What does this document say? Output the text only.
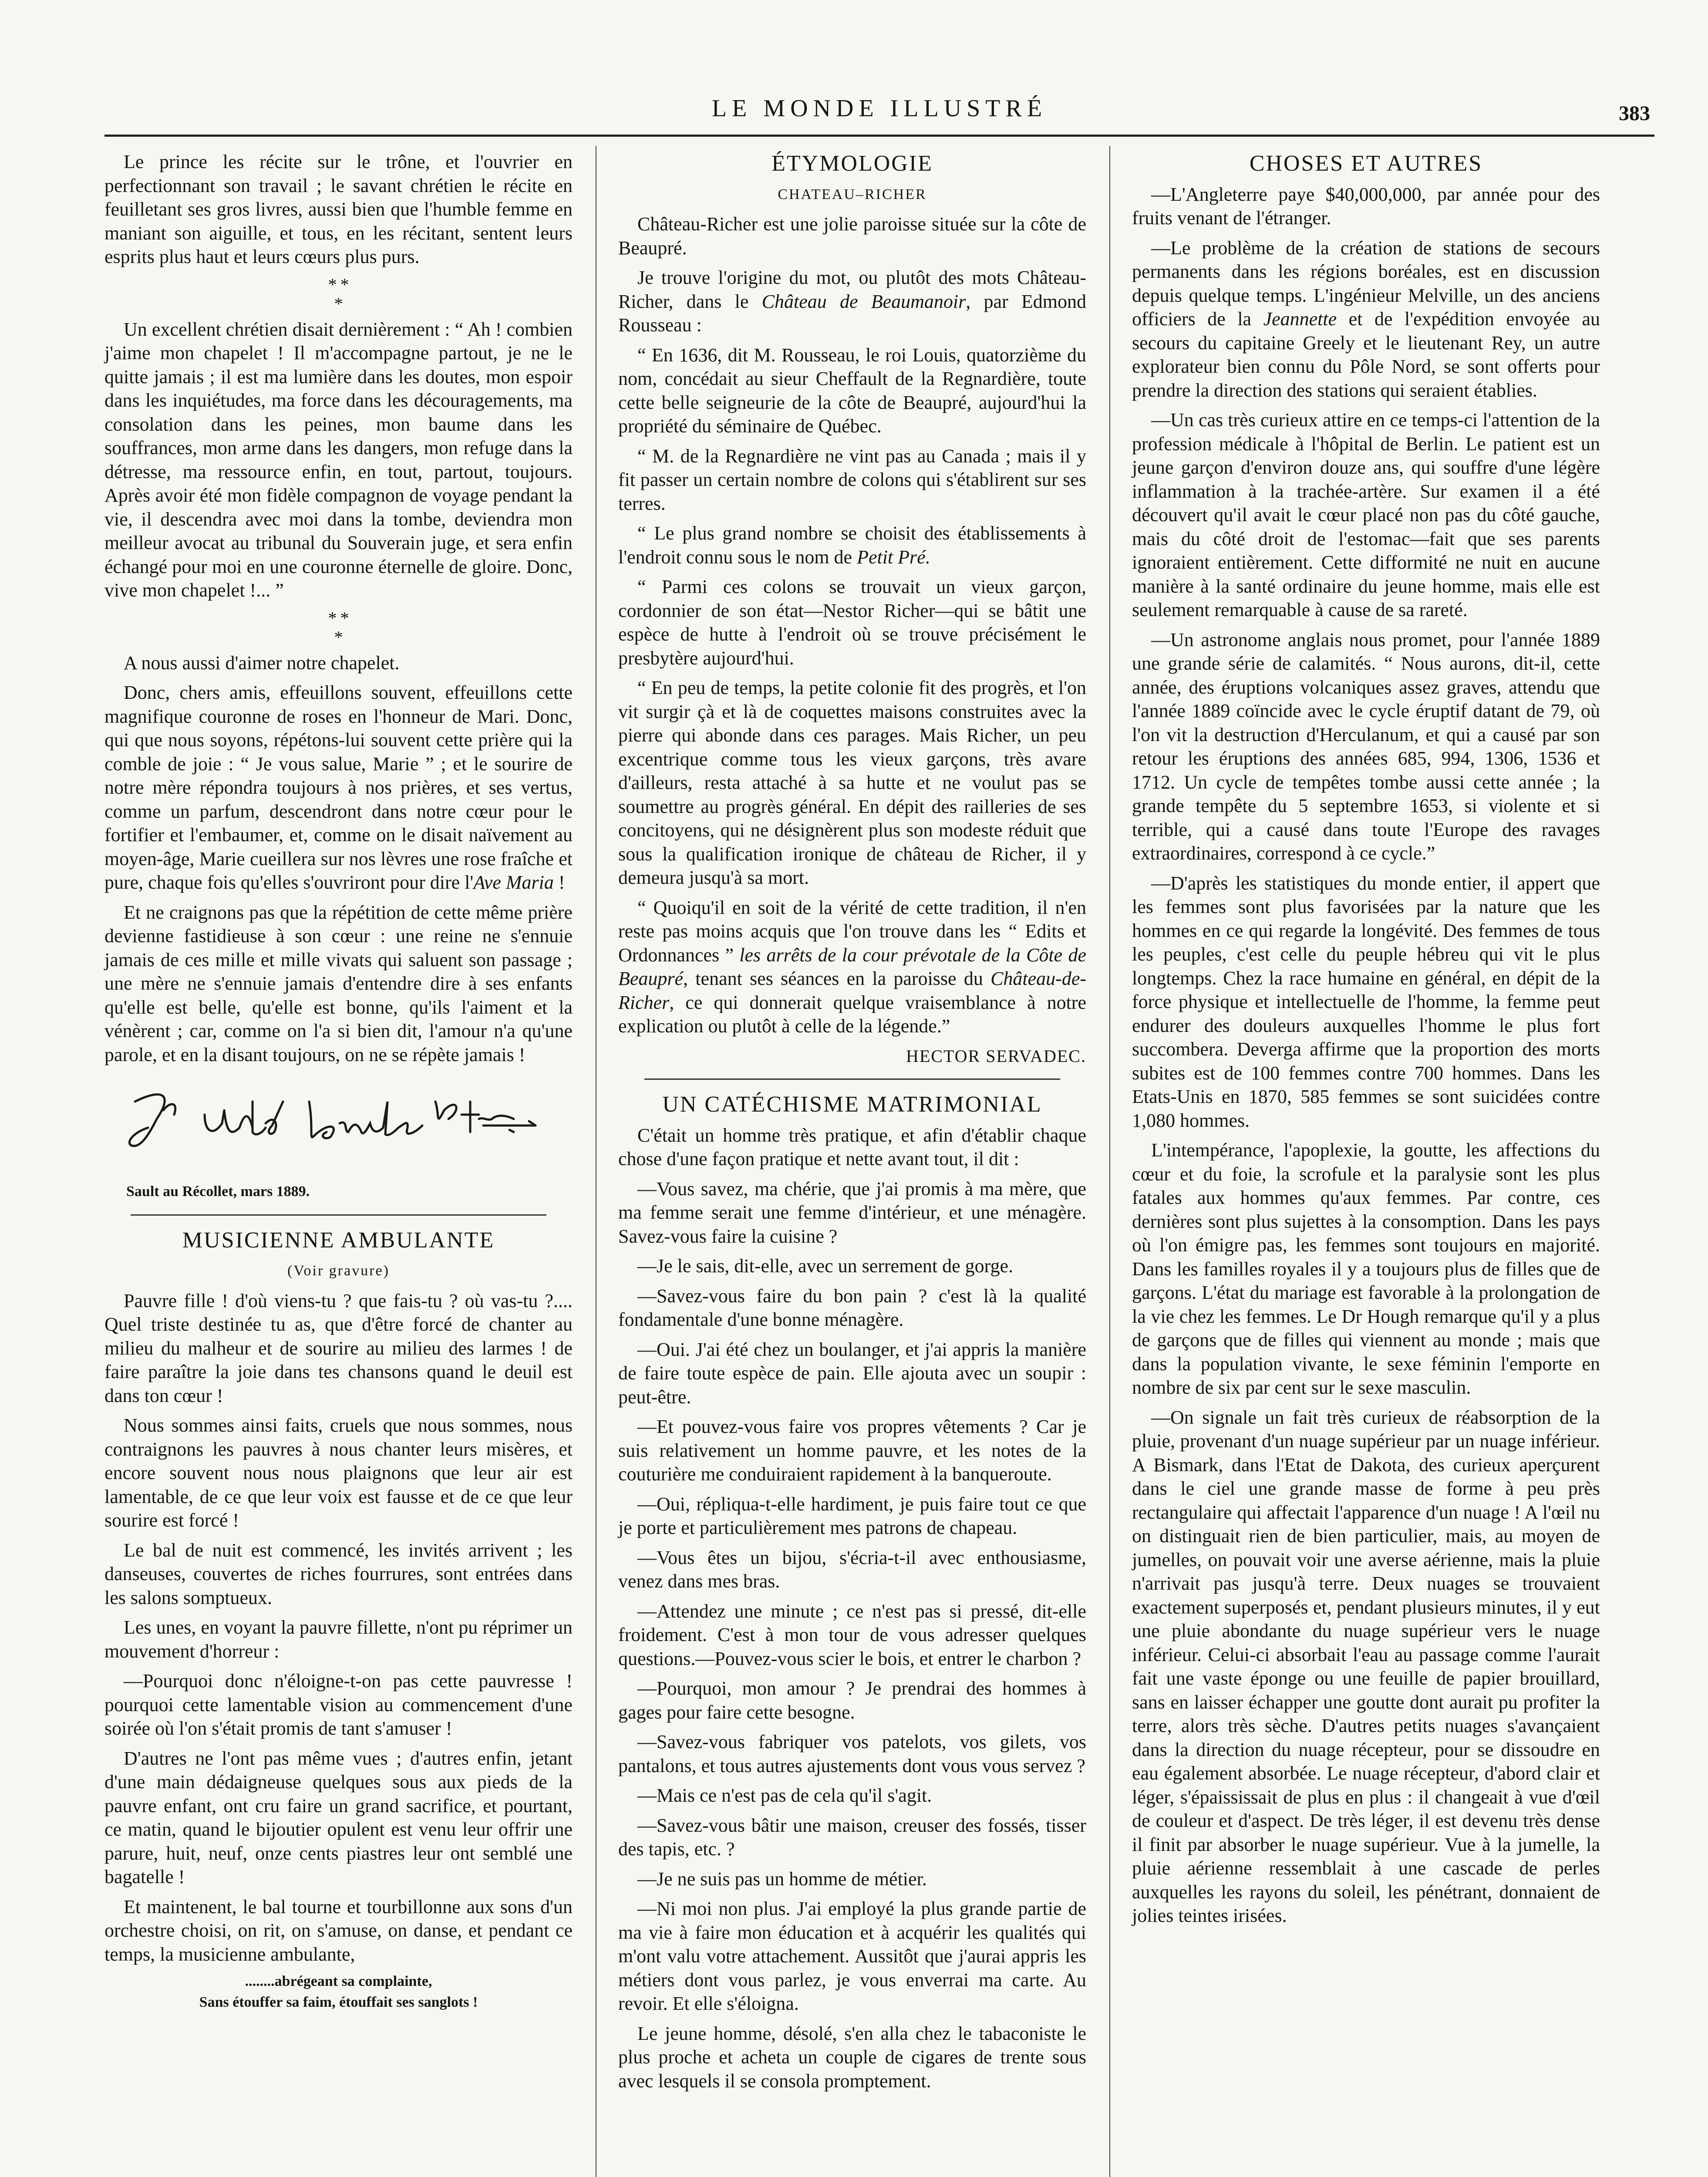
LE MONDE ILLUSTRÉ	383

Le prince les récite sur le trône, et l'ouvrier en perfectionnant son travail ; le savant chrétien le récite en feuilletant ses gros livres, aussi bien que l'humble femme en maniant son aiguille, et tous, en les récitant, sentent leurs esprits plus haut et leurs cœurs plus purs.

* *
*

Un excellent chrétien disait dernièrement : “ Ah ! combien j'aime mon chapelet ! Il m'accompagne partout, je ne le quitte jamais ; il est ma lumière dans les doutes, mon espoir dans les inquiétudes, ma force dans les découragements, ma consolation dans les peines, mon baume dans les souffrances, mon arme dans les dangers, mon refuge dans la détresse, ma ressource enfin, en tout, partout, toujours. Après avoir été mon fidèle compagnon de voyage pendant la vie, il descendra avec moi dans la tombe, deviendra mon meilleur avocat au tribunal du Souverain juge, et sera enfin échangé pour moi en une couronne éternelle de gloire. Donc, vive mon chapelet !... ”

* *
*

A nous aussi d'aimer notre chapelet.

Donc, chers amis, effeuillons souvent, effeuillons cette magnifique couronne de roses en l'honneur de Mari. Donc, qui que nous soyons, répétons-lui souvent cette prière qui la comble de joie : “ Je vous salue, Marie ” ; et le sourire de notre mère répondra toujours à nos prières, et ses vertus, comme un parfum, descendront dans notre cœur pour le fortifier et l'embaumer, et, comme on le disait naïvement au moyen-âge, Marie cueillera sur nos lèvres une rose fraîche et pure, chaque fois qu'elles s'ouvriront pour dire l'Ave Maria !

Et ne craignons pas que la répétition de cette même prière devienne fastidieuse à son cœur : une reine ne s'ennuie jamais de ces mille et mille vivats qui saluent son passage ; une mère ne s'ennuie jamais d'entendre dire à ses enfants qu'elle est belle, qu'elle est bonne, qu'ils l'aiment et la vénèrent ; car, comme on l'a si bien dit, l'amour n'a qu'une parole, et en la disant toujours, on ne se répète jamais !

Sault au Récollet, mars 1889.
MUSICIENNE AMBULANTE
(Voir gravure)

Pauvre fille ! d'où viens-tu ? que fais-tu ? où vas-tu ?.... Quel triste destinée tu as, que d'être forcé de chanter au milieu du malheur et de sourire au milieu des larmes ! de faire paraître la joie dans tes chansons quand le deuil est dans ton cœur !

Nous sommes ainsi faits, cruels que nous sommes, nous contraignons les pauvres à nous chanter leurs misères, et encore souvent nous nous plaignons que leur air est lamentable, de ce que leur voix est fausse et de ce que leur sourire est forcé !

Le bal de nuit est commencé, les invités arrivent ; les danseuses, couvertes de riches fourrures, sont entrées dans les salons somptueux.

Les unes, en voyant la pauvre fillette, n'ont pu réprimer un mouvement d'horreur :

—Pourquoi donc n'éloigne-t-on pas cette pauvresse ! pourquoi cette lamentable vision au commencement d'une soirée où l'on s'était promis de tant s'amuser !

D'autres ne l'ont pas même vues ; d'autres enfin, jetant d'une main dédaigneuse quelques sous aux pieds de la pauvre enfant, ont cru faire un grand sacrifice, et pourtant, ce matin, quand le bijoutier opulent est venu leur offrir une parure, huit, neuf, onze cents piastres leur ont semblé une bagatelle !

Et maintenent, le bal tourne et tourbillonne aux sons d'un orchestre choisi, on rit, on s'amuse, on danse, et pendant ce temps, la musicienne ambulante,

........abrégeant sa complainte,
Sans étouffer sa faim, étouffait ses sanglots !
ÉTYMOLOGIE
CHATEAU–RICHER

Château-Richer est une jolie paroisse située sur la côte de Beaupré.

Je trouve l'origine du mot, ou plutôt des mots Château-Richer, dans le Château de Beaumanoir, par Edmond Rousseau :

“ En 1636, dit M. Rousseau, le roi Louis, quatorzième du nom, concédait au sieur Cheffault de la Regnardière, toute cette belle seigneurie de la côte de Beaupré, aujourd'hui la propriété du séminaire de Québec.

“ M. de la Regnardière ne vint pas au Canada ; mais il y fit passer un certain nombre de colons qui s'établirent sur ses terres.

“ Le plus grand nombre se choisit des établissements à l'endroit connu sous le nom de Petit Pré.

“ Parmi ces colons se trouvait un vieux garçon, cordonnier de son état—Nestor Richer—qui se bâtit une espèce de hutte à l'endroit où se trouve précisément le presbytère aujourd'hui.

“ En peu de temps, la petite colonie fit des progrès, et l'on vit surgir çà et là de coquettes maisons construites avec la pierre qui abonde dans ces parages. Mais Richer, un peu excentrique comme tous les vieux garçons, très avare d'ailleurs, resta attaché à sa hutte et ne voulut pas se soumettre au progrès général. En dépit des railleries de ses concitoyens, qui ne désignèrent plus son modeste réduit que sous la qualification ironique de château de Richer, il y demeura jusqu'à sa mort.

“ Quoiqu'il en soit de la vérité de cette tradition, il n'en reste pas moins acquis que l'on trouve dans les “ Edits et Ordonnances ” les arrêts de la cour prévotale de la Côte de Beaupré, tenant ses séances en la paroisse du Château-de-Richer, ce qui donnerait quelque vraisemblance à notre explication ou plutôt à celle de la légende.”

HECTOR SERVADEC.
UN CATÉCHISME MATRIMONIAL

C'était un homme très pratique, et afin d'établir chaque chose d'une façon pratique et nette avant tout, il dit :

—Vous savez, ma chérie, que j'ai promis à ma mère, que ma femme serait une femme d'intérieur, et une ménagère. Savez-vous faire la cuisine ?

—Je le sais, dit-elle, avec un serrement de gorge.

—Savez-vous faire du bon pain ? c'est là la qualité fondamentale d'une bonne ménagère.

—Oui. J'ai été chez un boulanger, et j'ai appris la manière de faire toute espèce de pain. Elle ajouta avec un soupir : peut-être.

—Et pouvez-vous faire vos propres vêtements ? Car je suis relativement un homme pauvre, et les notes de la couturière me conduiraient rapidement à la banqueroute.

—Oui, répliqua-t-elle hardiment, je puis faire tout ce que je porte et particulièrement mes patrons de chapeau.

—Vous êtes un bijou, s'écria-t-il avec enthousiasme, venez dans mes bras.

—Attendez une minute ; ce n'est pas si pressé, dit-elle froidement. C'est à mon tour de vous adresser quelques questions.—Pouvez-vous scier le bois, et entrer le charbon ?

—Pourquoi, mon amour ? Je prendrai des hommes à gages pour faire cette besogne.

—Savez-vous fabriquer vos patelots, vos gilets, vos pantalons, et tous autres ajustements dont vous vous servez ?

—Mais ce n'est pas de cela qu'il s'agit.

—Savez-vous bâtir une maison, creuser des fossés, tisser des tapis, etc. ?

—Je ne suis pas un homme de métier.

—Ni moi non plus. J'ai employé la plus grande partie de ma vie à faire mon éducation et à acquérir les qualités qui m'ont valu votre attachement. Aussitôt que j'aurai appris les métiers dont vous parlez, je vous enverrai ma carte. Au revoir. Et elle s'éloigna.

Le jeune homme, désolé, s'en alla chez le tabaconiste le plus proche et acheta un couple de cigares de trente sous avec lesquels il se consola promptement.

CHOSES ET AUTRES

—L'Angleterre paye $40,000,000, par année pour des fruits venant de l'étranger.

—Le problème de la création de stations de secours permanents dans les régions boréales, est en discussion depuis quelque temps. L'ingénieur Melville, un des anciens officiers de la Jeannette et de l'expédition envoyée au secours du capitaine Greely et le lieutenant Rey, un autre explorateur bien connu du Pôle Nord, se sont offerts pour prendre la direction des stations qui seraient établies.

—Un cas très curieux attire en ce temps-ci l'attention de la profession médicale à l'hôpital de Berlin. Le patient est un jeune garçon d'environ douze ans, qui souffre d'une légère inflammation à la trachée-artère. Sur examen il a été découvert qu'il avait le cœur placé non pas du côté gauche, mais du côté droit de l'estomac—fait que ses parents ignoraient entièrement. Cette difformité ne nuit en aucune manière à la santé ordinaire du jeune homme, mais elle est seulement remarquable à cause de sa rareté.

—Un astronome anglais nous promet, pour l'année 1889 une grande série de calamités. “ Nous aurons, dit-il, cette année, des éruptions volcaniques assez graves, attendu que l'année 1889 coïncide avec le cycle éruptif datant de 79, où l'on vit la destruction d'Herculanum, et qui a causé par son retour les éruptions des années 685, 994, 1306, 1536 et 1712. Un cycle de tempêtes tombe aussi cette année ; la grande tempête du 5 septembre 1653, si violente et si terrible, qui a causé dans toute l'Europe des ravages extraordinaires, correspond à ce cycle.”

—D'après les statistiques du monde entier, il appert que les femmes sont plus favorisées par la nature que les hommes en ce qui regarde la longévité. Des femmes de tous les peuples, c'est celle du peuple hébreu qui vit le plus longtemps. Chez la race humaine en général, en dépit de la force physique et intellectuelle de l'homme, la femme peut endurer des douleurs auxquelles l'homme le plus fort succombera. Deverga affirme que la proportion des morts subites est de 100 femmes contre 700 hommes. Dans les Etats-Unis en 1870, 585 femmes se sont suicidées contre 1,080 hommes.

L'intempérance, l'apoplexie, la goutte, les affections du cœur et du foie, la scrofule et la paralysie sont les plus fatales aux hommes qu'aux femmes. Par contre, ces dernières sont plus sujettes à la consomption. Dans les pays où l'on émigre pas, les femmes sont toujours en majorité. Dans les familles royales il y a toujours plus de filles que de garçons. L'état du mariage est favorable à la prolongation de la vie chez les femmes. Le Dr Hough remarque qu'il y a plus de garçons que de filles qui viennent au monde ; mais que dans la population vivante, le sexe féminin l'emporte en nombre de six par cent sur le sexe masculin.

—On signale un fait très curieux de réabsorption de la pluie, provenant d'un nuage supérieur par un nuage inférieur. A Bismark, dans l'Etat de Dakota, des curieux aperçurent dans le ciel une grande masse de forme à peu près rectangulaire qui affectait l'apparence d'un nuage ! A l'œil nu on distinguait rien de bien particulier, mais, au moyen de jumelles, on pouvait voir une averse aérienne, mais la pluie n'arrivait pas jusqu'à terre. Deux nuages se trouvaient exactement superposés et, pendant plusieurs minutes, il y eut une pluie abondante du nuage supérieur vers le nuage inférieur. Celui-ci absorbait l'eau au passage comme l'aurait fait une vaste éponge ou une feuille de papier brouillard, sans en laisser échapper une goutte dont aurait pu profiter la terre, alors très sèche. D'autres petits nuages s'avançaient dans la direction du nuage récepteur, pour se dissoudre en eau également absorbée. Le nuage récepteur, d'abord clair et léger, s'épaississait de plus en plus : il changeait à vue d'œil de couleur et d'aspect. De très léger, il est devenu très dense il finit par absorber le nuage supérieur. Vue à la jumelle, la pluie aérienne ressemblait à une cascade de perles auxquelles les rayons du soleil, les pénétrant, donnaient de jolies teintes irisées.
